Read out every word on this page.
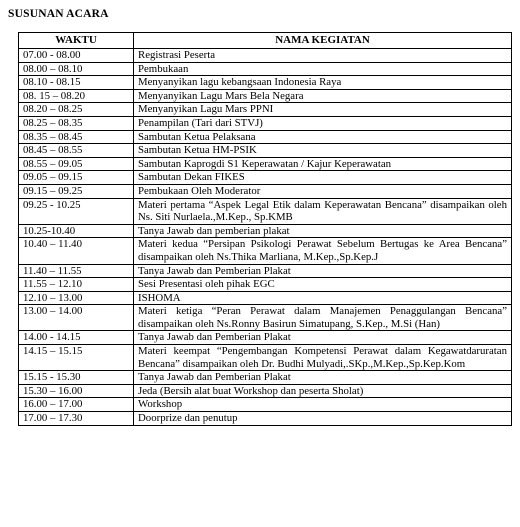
SUSUNAN ACARA
WAKTU	NAMA KEGIATAN
07.00 - 08.00	Registrasi Peserta
08.00 – 08.10	Pembukaan
08.10 - 08.15	Menyanyikan lagu kebangsaan Indonesia Raya
08. 15 – 08.20	Menyanyikan Lagu Mars Bela Negara
08.20 – 08.25	Menyanyikan Lagu Mars PPNI
08.25 – 08.35	Penampilan (Tari dari STVJ)
08.35 – 08.45	Sambutan Ketua Pelaksana
08.45 – 08.55	Sambutan Ketua HM-PSIK
08.55 – 09.05	Sambutan Kaprogdi S1 Keperawatan / Kajur Keperawatan
09.05 – 09.15	Sambutan Dekan FIKES
09.15 – 09.25	Pembukaan Oleh Moderator
09.25 - 10.25	Materi pertama “Aspek Legal Etik dalam Keperawatan Bencana” disampaikan oleh Ns. Siti Nurlaela.,M.Kep., Sp.KMB
10.25-10.40	Tanya Jawab dan pemberian plakat
10.40 – 11.40	Materi kedua “Persipan Psikologi Perawat Sebelum Bertugas ke Area Bencana” disampaikan oleh Ns.Thika Marliana, M.Kep.,Sp.Kep.J
11.40 – 11.55	Tanya Jawab dan Pemberian Plakat
11.55 – 12.10	Sesi Presentasi oleh pihak EGC
12.10 – 13.00	ISHOMA
13.00 – 14.00	Materi ketiga “Peran Perawat dalam Manajemen Penaggulangan Bencana” disampaikan oleh Ns.Ronny Basirun Simatupang, S.Kep., M.Si (Han)
14.00 - 14.15	Tanya Jawab dan Pemberian Plakat
14.15 – 15.15	Materi keempat “Pengembangan Kompetensi Perawat dalam Kegawatdaruratan Bencana” disampaikan oleh Dr. Budhi Mulyadi,.SKp.,M.Kep.,Sp.Kep.Kom
15.15 - 15.30	Tanya Jawab dan Pemberian Plakat
15.30 – 16.00	Jeda (Bersih alat buat Workshop dan peserta Sholat)
16.00 – 17.00	Workshop
17.00 – 17.30	Doorprize dan penutup
